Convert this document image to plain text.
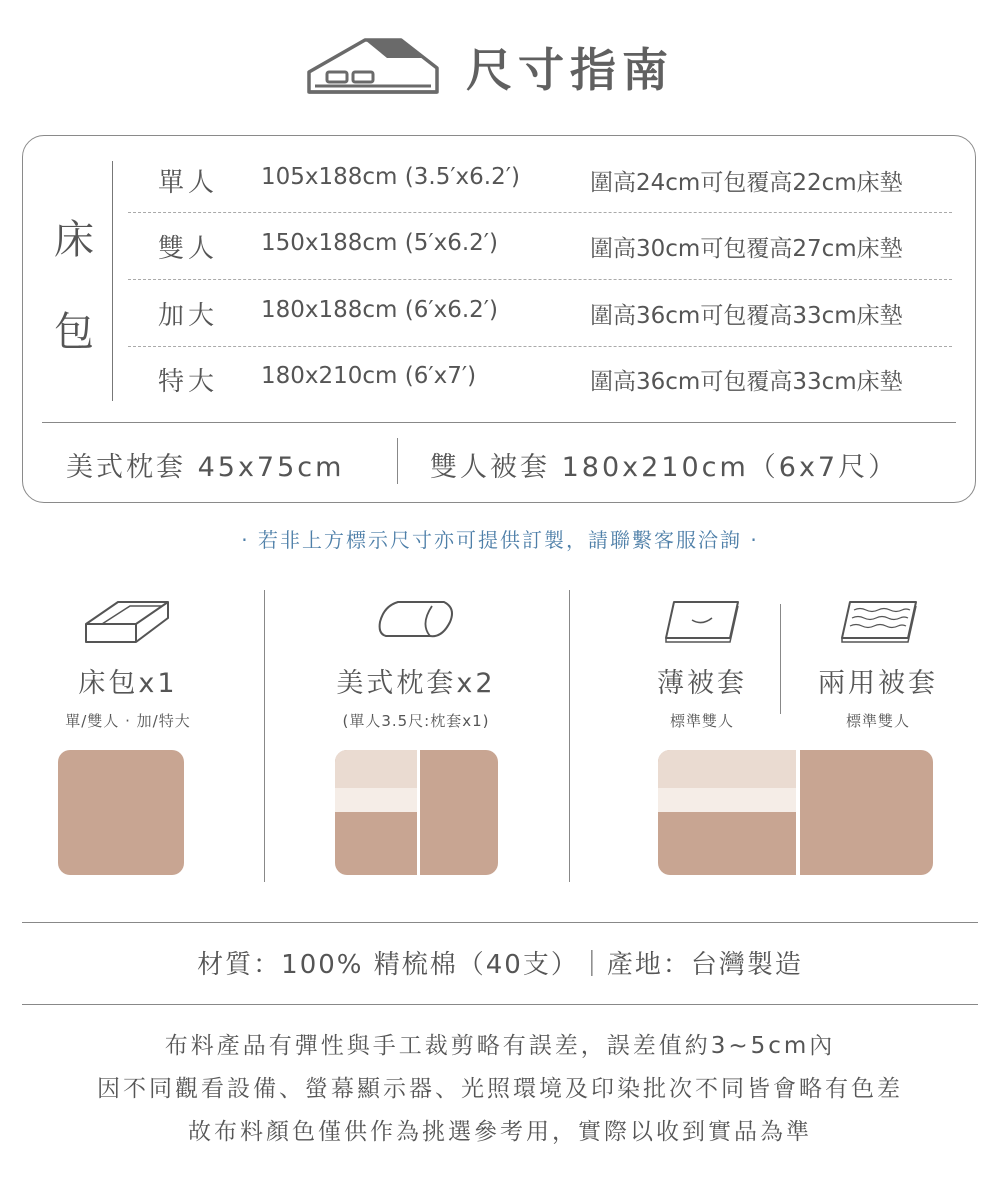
尺寸指南
床
包
單人 105x188cm (3.5′x6.2′)	圍高24cm可包覆高22cm床墊
雙人 150x188cm (5′x6.2′)	圍高30cm可包覆高27cm床墊
加大 180x188cm (6′x6.2′)	圍高36cm可包覆高33cm床墊
特大 180x210cm (6′x7′)	圍高36cm可包覆高33cm床墊
美式枕套 45x75cm	雙人被套 180x210cm（6x7尺）
· 若非上方標示尺寸亦可提供訂製，請聯繫客服洽詢 ·
床包x1
單/雙人 · 加/特大
美式枕套x2
(單人3.5尺:枕套x1)
薄被套
標準雙人
兩用被套
標準雙人
材質：100% 精梳棉（40支）｜產地：台灣製造
布料產品有彈性與手工裁剪略有誤差，誤差值約3~5cm內
因不同觀看設備、螢幕顯示器、光照環境及印染批次不同皆會略有色差
故布料顏色僅供作為挑選參考用，實際以收到實品為準
